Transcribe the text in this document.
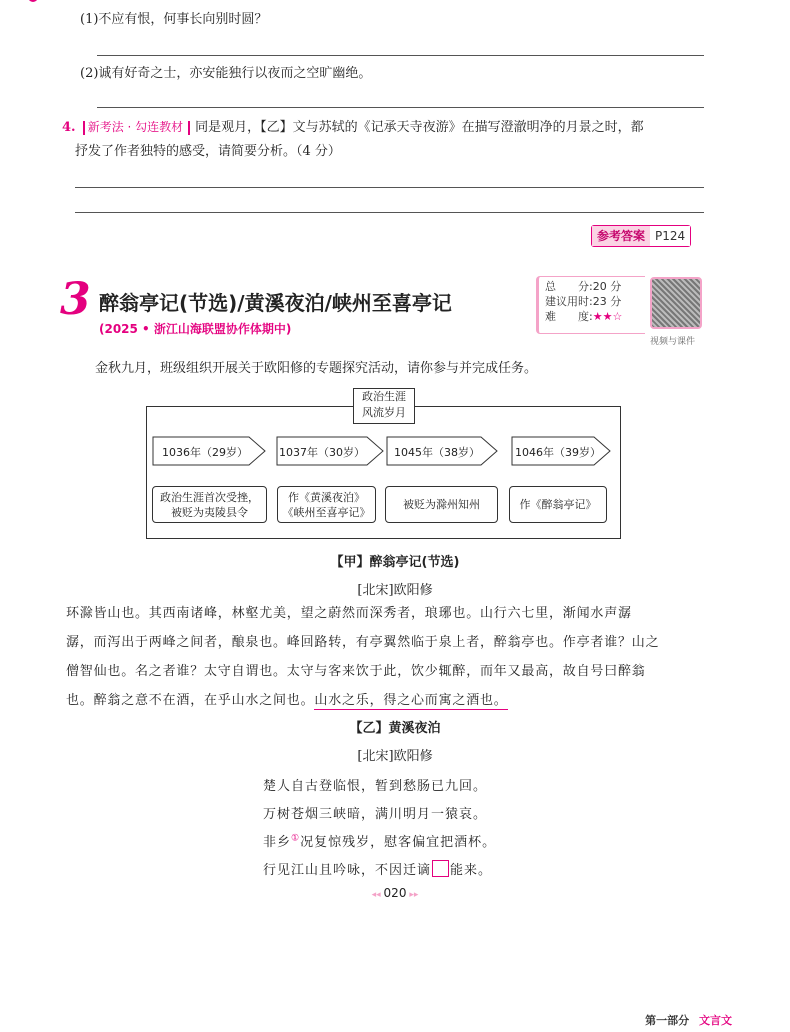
(1)不应有恨，何事长向别时圆？
(2)诚有好奇之士，亦安能独行以夜而之空旷幽绝。
4. 新考法 · 勾连教材 同是观月，【乙】文与苏轼的《记承天寺夜游》在描写澄澈明净的月景之时，都
抒发了作者独特的感受，请简要分析。（4 分）
参考答案 P124
3 醉翁亭记(节选)/黄溪夜泊/峡州至喜亭记
(2025 • 浙江山海联盟协作体期中)
总　　分:20 分
建议用时:23 分
难　　度:★★☆
视频与课件
金秋九月，班级组织开展关于欧阳修的专题探究活动，请你参与并完成任务。
政治生涯
风流岁月
1036年（29岁）	1037年（30岁）	1045年（38岁）	1046年（39岁）
政治生涯首次受挫，
被贬为夷陵县令
作《黄溪夜泊》
《峡州至喜亭记》
被贬为滁州知州	作《醉翁亭记》
【甲】醉翁亭记(节选)
[北宋]欧阳修
环滁皆山也。其西南诸峰，林壑尤美，望之蔚然而深秀者，琅琊也。山行六七里，渐闻水声潺
潺，而泻出于两峰之间者，酿泉也。峰回路转，有亭翼然临于泉上者，醉翁亭也。作亭者谁？山之
僧智仙也。名之者谁？太守自谓也。太守与客来饮于此，饮少辄醉，而年又最高，故自号曰醉翁
也。醉翁之意不在酒，在乎山水之间也。山水之乐，得之心而寓之酒也。
【乙】黄溪夜泊
[北宋]欧阳修
楚人自古登临恨，暂到愁肠已九回。
万树苍烟三峡暗，满川明月一猿哀。
非乡①况复惊残岁，慰客偏宜把酒杯。
行见江山且吟咏，不因迁谪 能来。
◂◂ 020 ▸▸
第一部分 文言文
